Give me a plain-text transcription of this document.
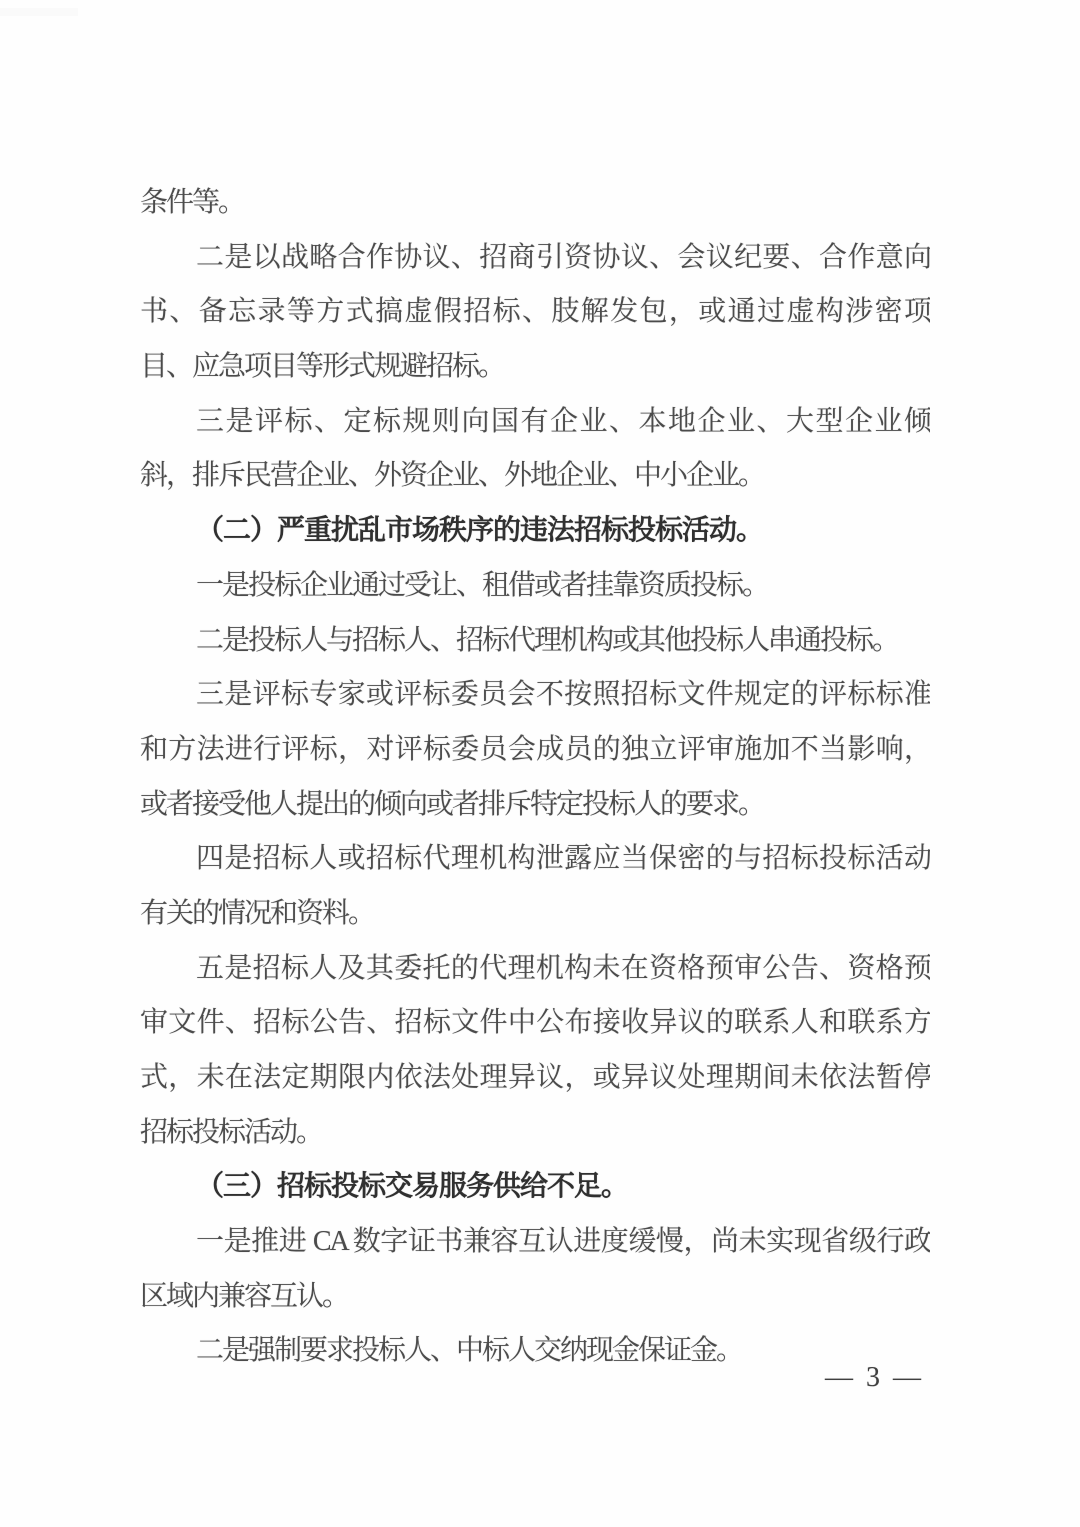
条件等。
二是以战略合作协议、招商引资协议、会议纪要、合作意向
书、备忘录等方式搞虚假招标、肢解发包，或通过虚构涉密项
目、应急项目等形式规避招标。
三是评标、定标规则向国有企业、本地企业、大型企业倾
斜，排斥民营企业、外资企业、外地企业、中小企业。
（二）严重扰乱市场秩序的违法招标投标活动。
一是投标企业通过受让、租借或者挂靠资质投标。
二是投标人与招标人、招标代理机构或其他投标人串通投标。
三是评标专家或评标委员会不按照招标文件规定的评标标准
和方法进行评标，对评标委员会成员的独立评审施加不当影响，
或者接受他人提出的倾向或者排斥特定投标人的要求。
四是招标人或招标代理机构泄露应当保密的与招标投标活动
有关的情况和资料。
五是招标人及其委托的代理机构未在资格预审公告、资格预
审文件、招标公告、招标文件中公布接收异议的联系人和联系方
式，未在法定期限内依法处理异议，或异议处理期间未依法暂停
招标投标活动。
（三）招标投标交易服务供给不足。
一是推进 CA 数字证书兼容互认进度缓慢，尚未实现省级行政
区域内兼容互认。
二是强制要求投标人、中标人交纳现金保证金。
— 3 —
